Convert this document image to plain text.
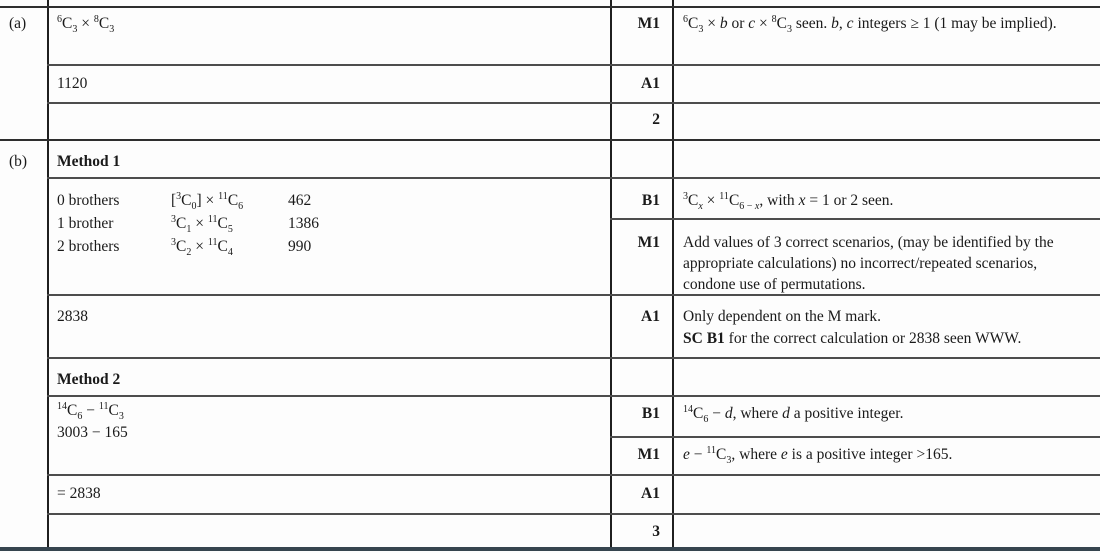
(a)	$^6C_3 \times ^8C_3$	M1 $^6C_3 \times b$ or $c \times ^8C_3$ seen. b, c integers ≥ 1 (1 may be implied).
1120	A1
2
(b) Method 1
0 brothers	$[^3C_0] \times ^{11}C_6$	462
1 brother	$^3C_1 \times ^{11}C_5$	1386
2 brothers	$^3C_2 \times ^{11}C_4$	990
B1 $^3C_x \times ^{11}C_{6 - x}$, with x = 1 or 2 seen.
M1 Add values of 3 correct scenarios, (may be identified by the appropriate calculations) no incorrect/repeated scenarios, condone use of permutations.
2838	A1 Only dependent on the M mark.
SC B1 for the correct calculation or 2838 seen WWW.
Method 2
$^{14}C_6 - ^{11}C_3$
3003 − 165
B1 $^{14}C_6 - d$, where d a positive integer.
M1 $e - ^{11}C_3$, where e is a positive integer >165.
= 2838	A1
3
